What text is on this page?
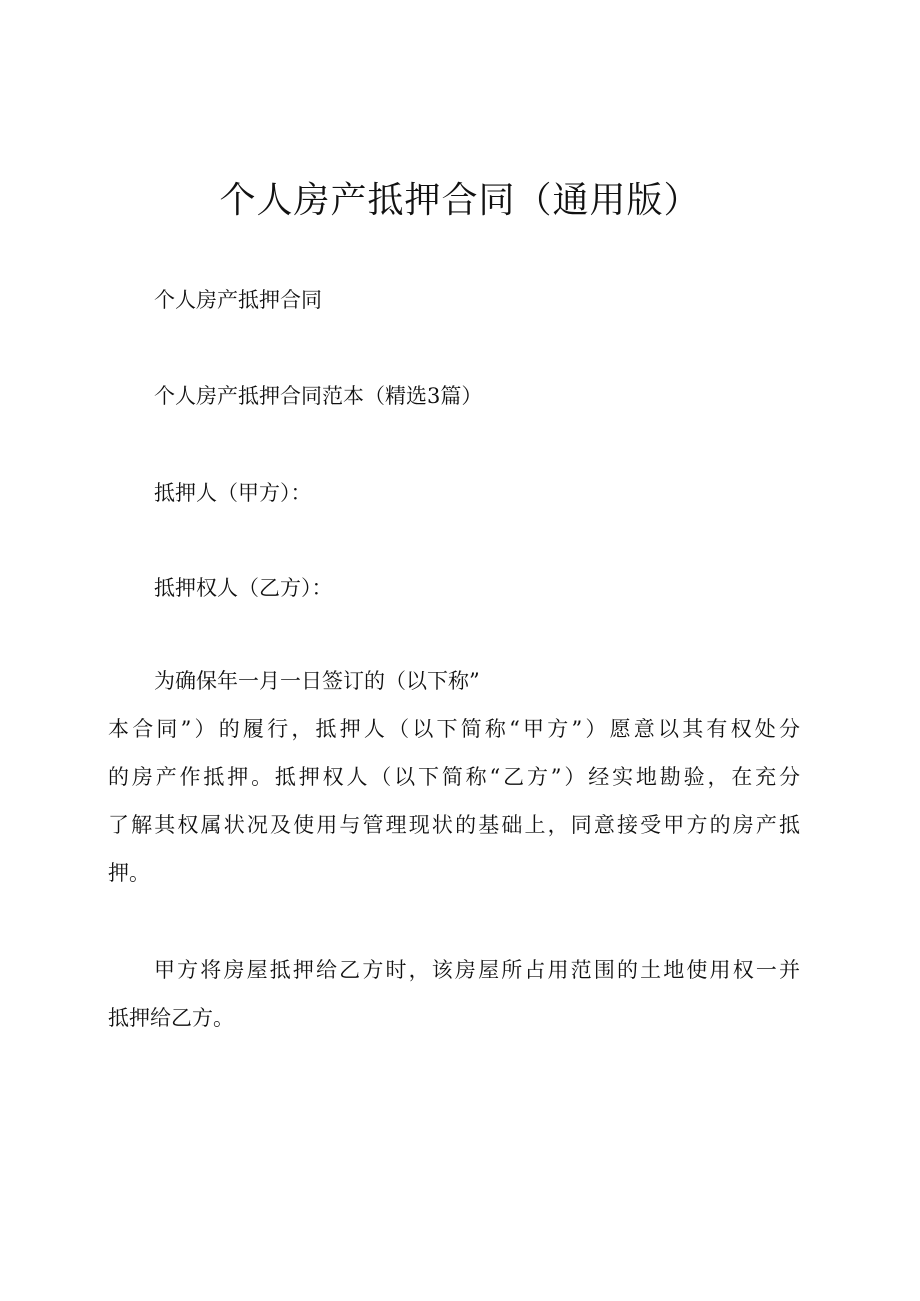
个人房产抵押合同（通用版）
个人房产抵押合同
个人房产抵押合同范本（精选3篇）
抵押人（甲方）：
抵押权人（乙方）：
为确保年一月一日签订的（以下称”
本合同”）的履行，抵押人（以下简称“甲方”）愿意以其有权处分
的房产作抵押。抵押权人（以下简称“乙方”）经实地勘验，在充分
了解其权属状况及使用与管理现状的基础上，同意接受甲方的房产抵
押。
甲方将房屋抵押给乙方时，该房屋所占用范围的土地使用权一并
抵押给乙方。
